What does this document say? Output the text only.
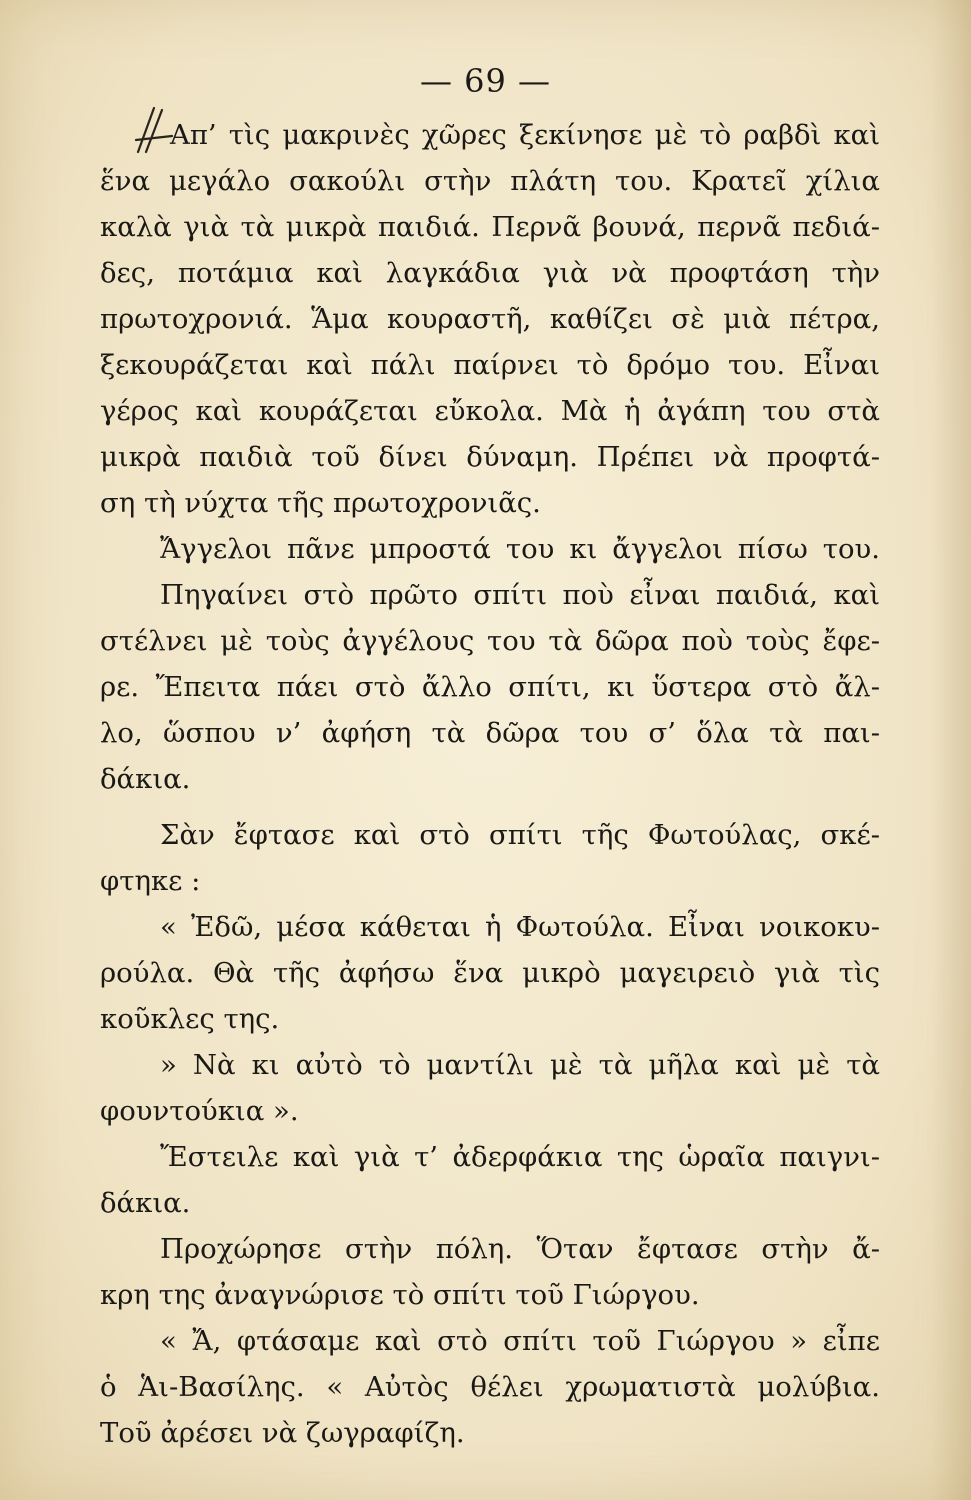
— 69 —
Απ’ τὶς μακρινὲς χῶρες ξεκίνησε μὲ τὸ ραβδὶ καὶ
ἕνα μεγάλο σακούλι στὴν πλάτη του. Κρατεῖ χίλια
καλὰ γιὰ τὰ μικρὰ παιδιά. Περνᾶ βουνά, περνᾶ πεδιά-
δες, ποτάμια καὶ λαγκάδια γιὰ νὰ προφτάση τὴν
πρωτοχρονιά. Ἅμα κουραστῆ, καθίζει σὲ μιὰ πέτρα,
ξεκουράζεται καὶ πάλι παίρνει τὸ δρόμο του. Εἶναι
γέρος καὶ κουράζεται εὔκολα. Μὰ ἡ ἀγάπη του στὰ
μικρὰ παιδιὰ τοῦ δίνει δύναμη. Πρέπει νὰ προφτά-
ση τὴ νύχτα τῆς πρωτοχρονιᾶς.
Ἄγγελοι πᾶνε μπροστά του κι ἄγγελοι πίσω του.
Πηγαίνει στὸ πρῶτο σπίτι ποὺ εἶναι παιδιά, καὶ
στέλνει μὲ τοὺς ἀγγέλους του τὰ δῶρα ποὺ τοὺς ἔφε-
ρε. Ἔπειτα πάει στὸ ἄλλο σπίτι, κι ὕστερα στὸ ἄλ-
λο, ὥσπου ν’ ἀφήση τὰ δῶρα του σ’ ὅλα τὰ παι-
δάκια.
Σὰν ἔφτασε καὶ στὸ σπίτι τῆς Φωτούλας, σκέ-
φτηκε :
« Ἐδῶ, μέσα κάθεται ἡ Φωτούλα. Εἶναι νοικοκυ-
ρούλα. Θὰ τῆς ἀφήσω ἕνα μικρὸ μαγειρειὸ γιὰ τὶς
κοῦκλες της.
» Νὰ κι αὐτὸ τὸ μαντίλι μὲ τὰ μῆλα καὶ μὲ τὰ
φουντούκια ».
Ἔστειλε καὶ γιὰ τ’ ἀδερφάκια της ὡραῖα παιγνι-
δάκια.
Προχώρησε στὴν πόλη. Ὅταν ἔφτασε στὴν ἄ-
κρη της ἀναγνώρισε τὸ σπίτι τοῦ Γιώργου.
« Ἄ, φτάσαμε καὶ στὸ σπίτι τοῦ Γιώργου » εἶπε
ὁ Ἁι-Βασίλης. « Αὐτὸς θέλει χρωματιστὰ μολύβια.
Τοῦ ἀρέσει νὰ ζωγραφίζη.
